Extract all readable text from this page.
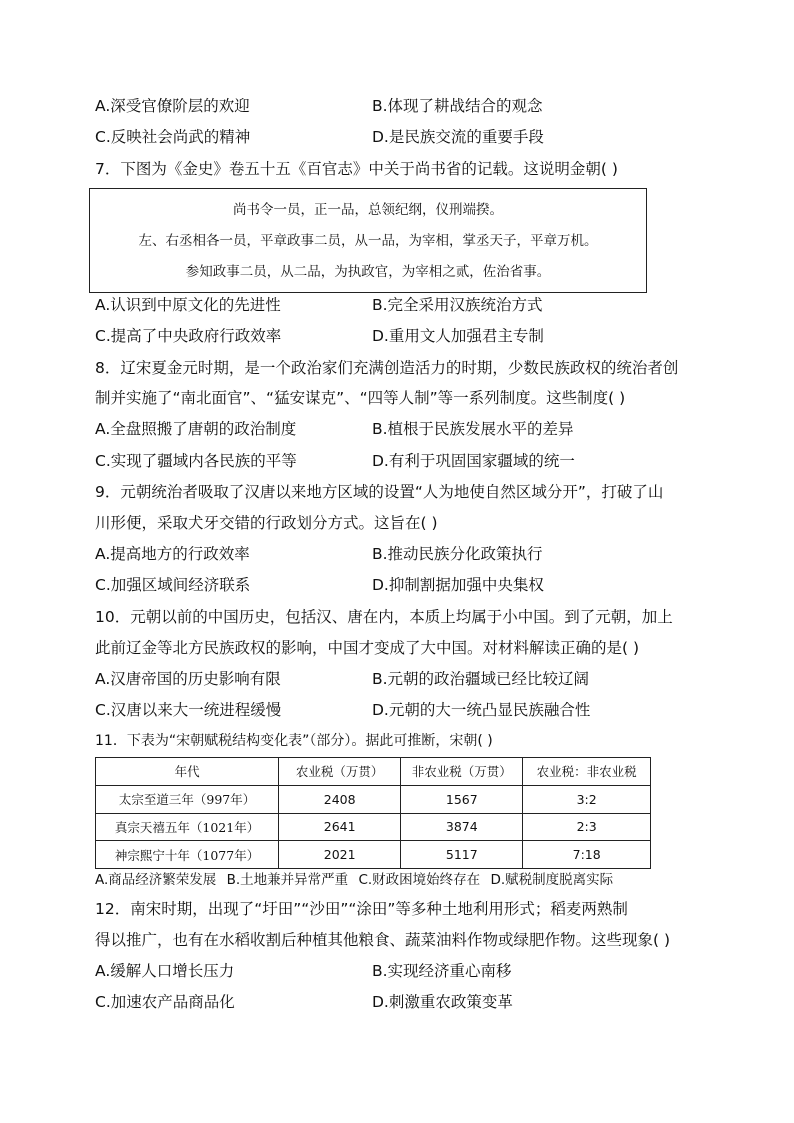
A.深受官僚阶层的欢迎	B.体现了耕战结合的观念
C.反映社会尚武的精神	D.是民族交流的重要手段
7．下图为《金史》卷五十五《百官志》中关于尚书省的记载。这说明金朝( )
尚书令一员，正一品，总领纪纲，仪刑端揆。
左、右丞相各一员，平章政事二员，从一品，为宰相，掌丞天子，平章万机。
参知政事二员，从二品，为执政官，为宰相之贰，佐治省事。
A.认识到中原文化的先进性	B.完全采用汉族统治方式
C.提高了中央政府行政效率	D.重用文人加强君主专制
8．辽宋夏金元时期，是一个政治家们充满创造活力的时期，少数民族政权的统治者创
制并实施了“南北面官”、“猛安谋克”、“四等人制”等一系列制度。这些制度( )
A.全盘照搬了唐朝的政治制度	B.植根于民族发展水平的差异
C.实现了疆域内各民族的平等	D.有利于巩固国家疆域的统一
9．元朝统治者吸取了汉唐以来地方区域的设置“人为地使自然区域分开”，打破了山
川形便，采取犬牙交错的行政划分方式。这旨在( )
A.提高地方的行政效率	B.推动民族分化政策执行
C.加强区域间经济联系	D.抑制割据加强中央集权
10．元朝以前的中国历史，包括汉、唐在内，本质上均属于小中国。到了元朝，加上
此前辽金等北方民族政权的影响，中国才变成了大中国。对材料解读正确的是( )
A.汉唐帝国的历史影响有限	B.元朝的政治疆域已经比较辽阔
C.汉唐以来大一统进程缓慢	D.元朝的大一统凸显民族融合性
11．下表为“宋朝赋税结构变化表”（部分）。据此可推断，宋朝( )
年代	农业税（万贯）	非农业税（万贯）	农业税：非农业税
太宗至道三年（997年）	2408	1567	3:2
真宗天禧五年（1021年）	2641	3874	2:3
神宗熙宁十年（1077年）	2021	5117	7:18
A.商品经济繁荣发展 B.土地兼并异常严重 C.财政困境始终存在 D.赋税制度脱离实际
12．南宋时期，出现了“圩田”“沙田”“涂田”等多种土地利用形式；稻麦两熟制
得以推广，也有在水稻收割后种植其他粮食、蔬菜油料作物或绿肥作物。这些现象( )
A.缓解人口增长压力	B.实现经济重心南移
C.加速农产品商品化	D.刺激重农政策变革
